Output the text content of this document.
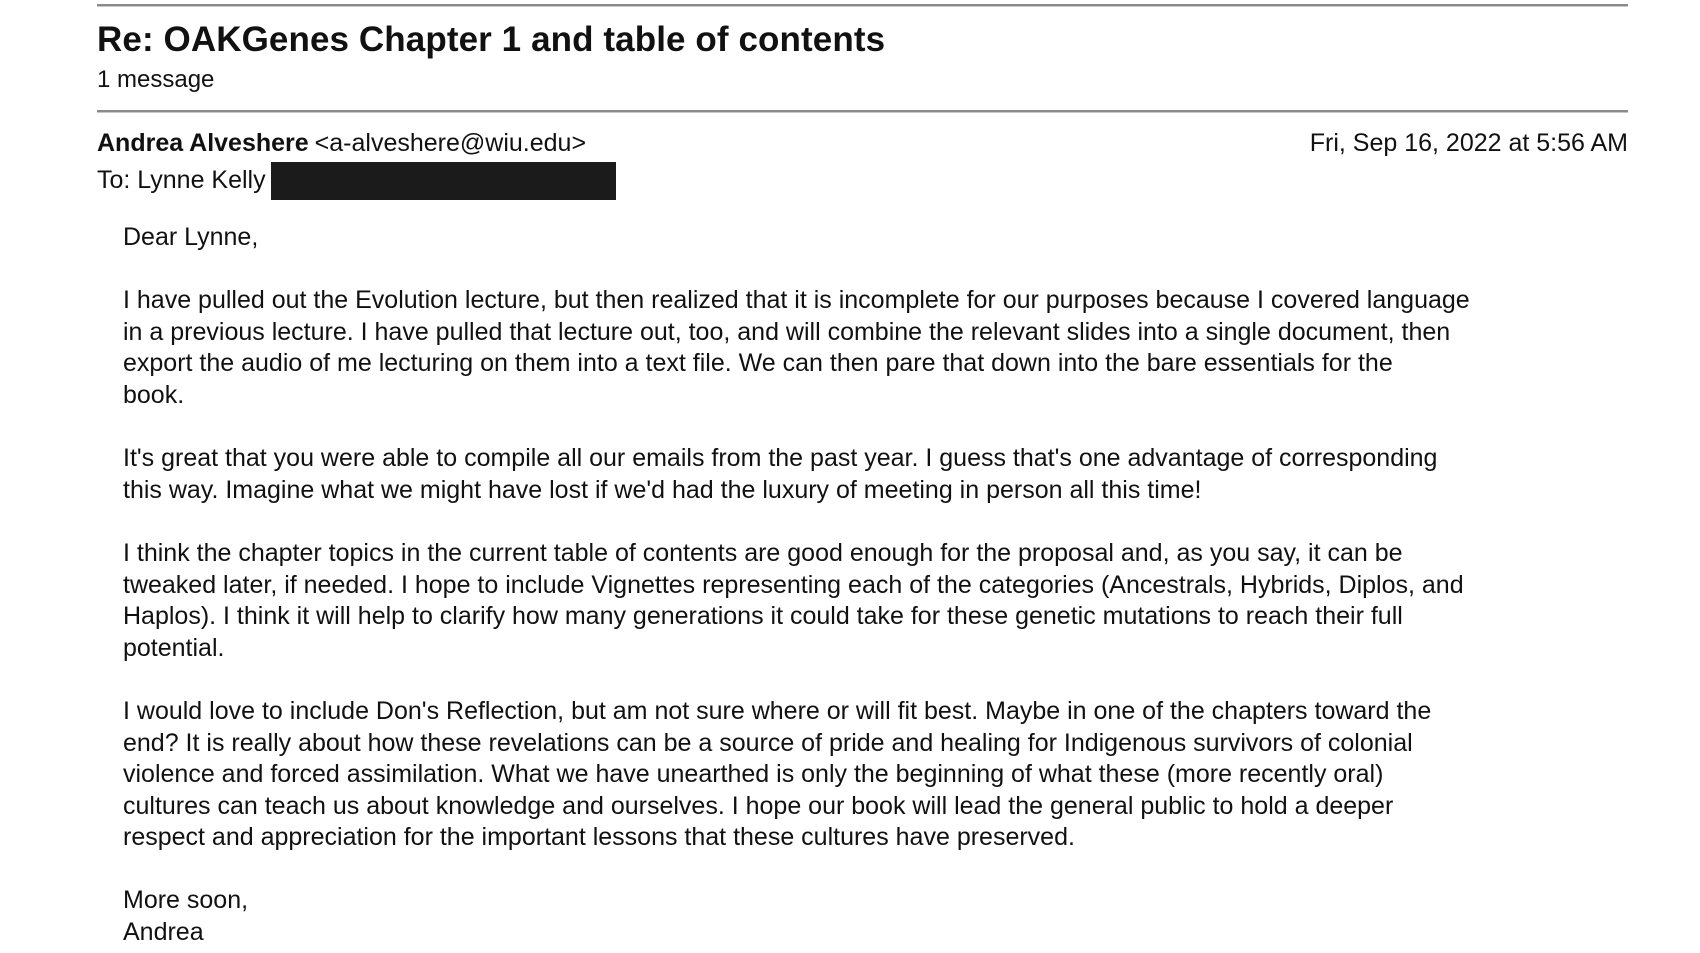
Re: OAKGenes Chapter 1 and table of contents
1 message
Andrea Alveshere <a-alveshere@wiu.edu>	Fri, Sep 16, 2022 at 5:56 AM
To: Lynne Kelly

Dear Lynne,

I have pulled out the Evolution lecture, but then realized that it is incomplete for our purposes because I covered language
in a previous lecture. I have pulled that lecture out, too, and will combine the relevant slides into a single document, then
export the audio of me lecturing on them into a text file. We can then pare that down into the bare essentials for the
book.

It's great that you were able to compile all our emails from the past year. I guess that's one advantage of corresponding
this way. Imagine what we might have lost if we'd had the luxury of meeting in person all this time!

I think the chapter topics in the current table of contents are good enough for the proposal and, as you say, it can be
tweaked later, if needed. I hope to include Vignettes representing each of the categories (Ancestrals, Hybrids, Diplos, and
Haplos). I think it will help to clarify how many generations it could take for these genetic mutations to reach their full
potential.

I would love to include Don's Reflection, but am not sure where or will fit best. Maybe in one of the chapters toward the
end? It is really about how these revelations can be a source of pride and healing for Indigenous survivors of colonial
violence and forced assimilation. What we have unearthed is only the beginning of what these (more recently oral)
cultures can teach us about knowledge and ourselves. I hope our book will lead the general public to hold a deeper
respect and appreciation for the important lessons that these cultures have preserved.

More soon,

Andrea
